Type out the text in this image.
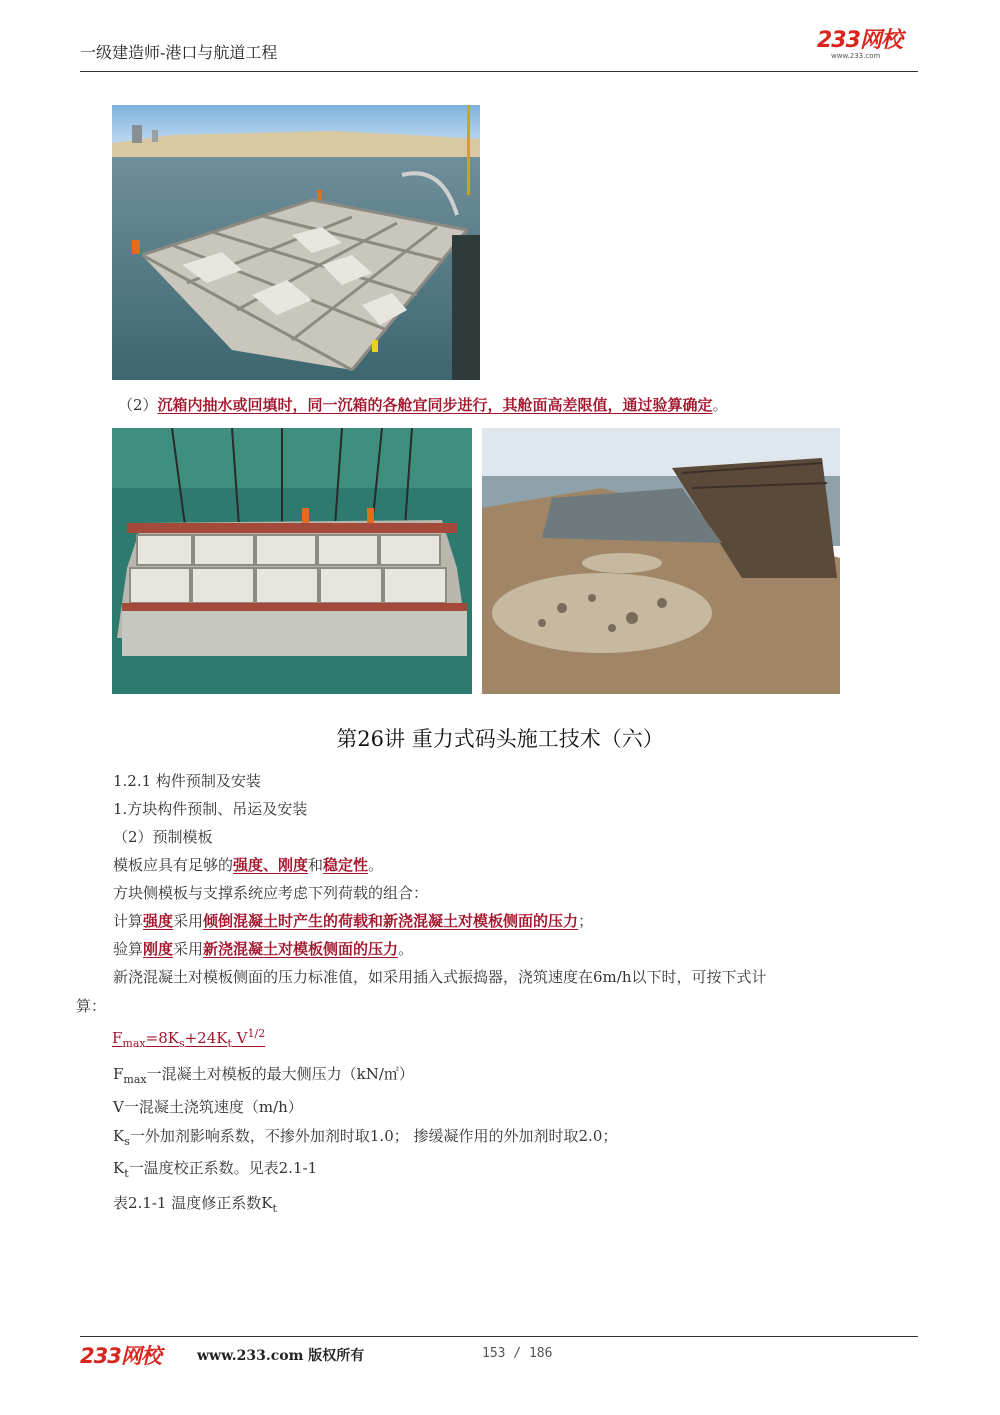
一级建造师-港口与航道工程	233网校
www.233.com
（2）沉箱内抽水或回填时，同一沉箱的各舱宜同步进行，其舱面高差限值，通过验算确定。
第26讲 重力式码头施工技术（六）
1.2.1 构件预制及安装
1.方块构件预制、吊运及安装
（2）预制模板
模板应具有足够的强度、刚度和稳定性。
方块侧模板与支撑系统应考虑下列荷载的组合：
计算强度采用倾倒混凝土时产生的荷载和新浇混凝土对模板侧面的压力；
验算刚度采用新浇混凝土对模板侧面的压力。
新浇混凝土对模板侧面的压力标准值，如采用插入式振捣器，浇筑速度在6m/h以下时，可按下式计
算：
$F_{max}=8K_s+24K_t$ $V^{1/2}$
$F_{max}$一混凝土对模板的最大侧压力（kN/㎡）
V一混凝土浇筑速度（m/h）
$K_s$一外加剂影响系数，不掺外加剂时取1.0； 掺缓凝作用的外加剂时取2.0；
$K_t$一温度校正系数。见表2.1-1
表2.1-1 温度修正系数$K_t$
233网校	www.233.com 版权所有	153 / 186
